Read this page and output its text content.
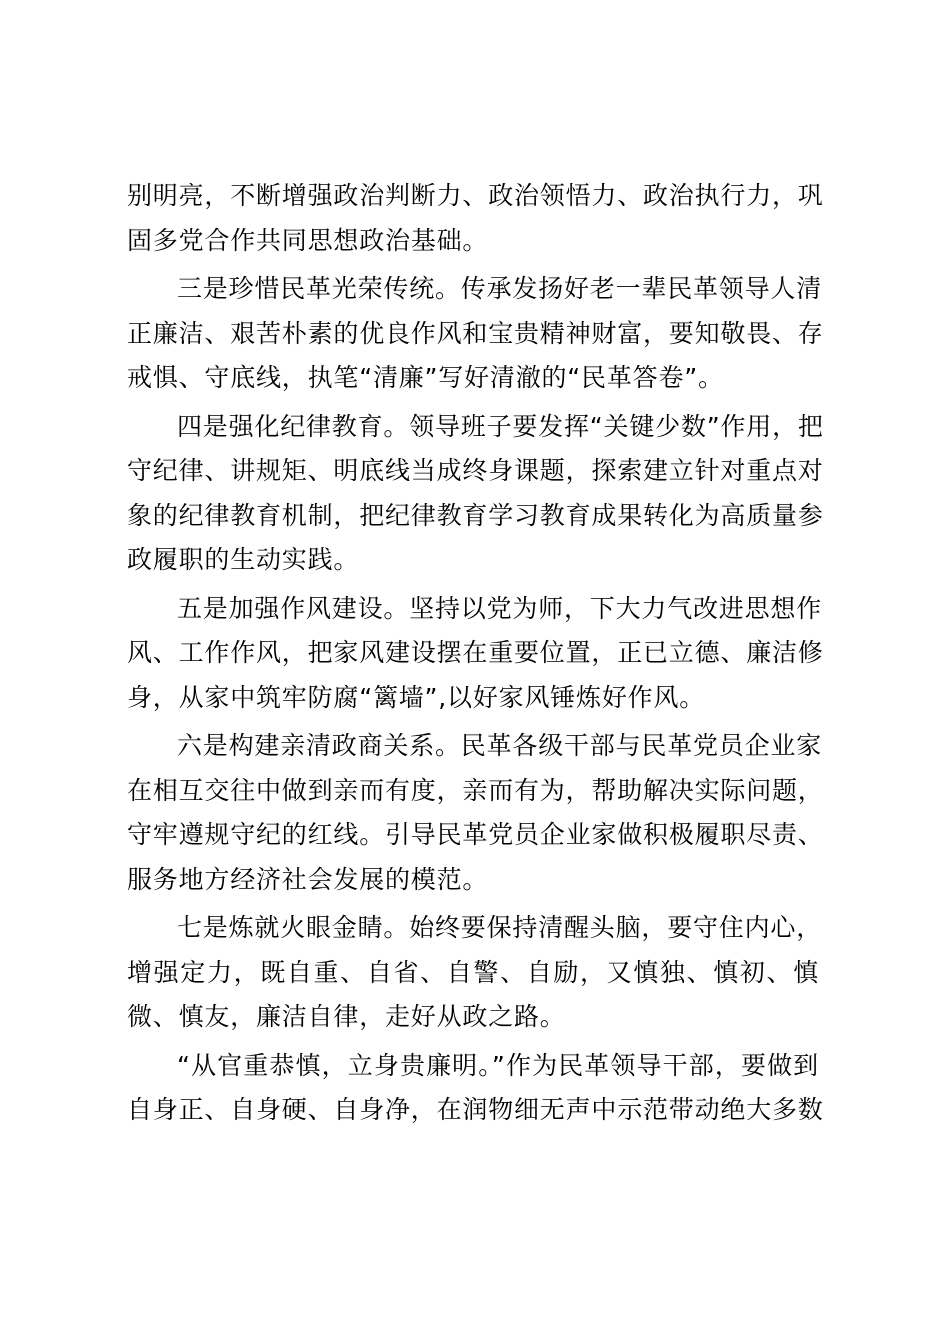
别明亮，不断增强政治判断力、政治领悟力、政治执行力，巩
固多党合作共同思想政治基础。

三是珍惜民革光荣传统。传承发扬好老一辈民革领导人清
正廉洁、艰苦朴素的优良作风和宝贵精神财富，要知敬畏、存
戒惧、守底线，执笔“清廉”写好清澈的“民革答卷”。

四是强化纪律教育。领导班子要发挥“关键少数”作用，把
守纪律、讲规矩、明底线当成终身课题，探索建立针对重点对
象的纪律教育机制，把纪律教育学习教育成果转化为高质量参
政履职的生动实践。

五是加强作风建设。坚持以党为师，下大力气改进思想作
风、工作作风，把家风建设摆在重要位置，正已立德、廉洁修
身，从家中筑牢防腐“篱墙”,以好家风锤炼好作风。

六是构建亲清政商关系。民革各级干部与民革党员企业家
在相互交往中做到亲而有度，亲而有为，帮助解决实际问题，
守牢遵规守纪的红线。引导民革党员企业家做积极履职尽责、
服务地方经济社会发展的模范。

七是炼就火眼金睛。始终要保持清醒头脑，要守住内心，
增强定力，既自重、自省、自警、自励，又慎独、慎初、慎
微、慎友，廉洁自律，走好从政之路。

“从官重恭慎，立身贵廉明。”作为民革领导干部，要做到
自身正、自身硬、自身净，在润物细无声中示范带动绝大多数
